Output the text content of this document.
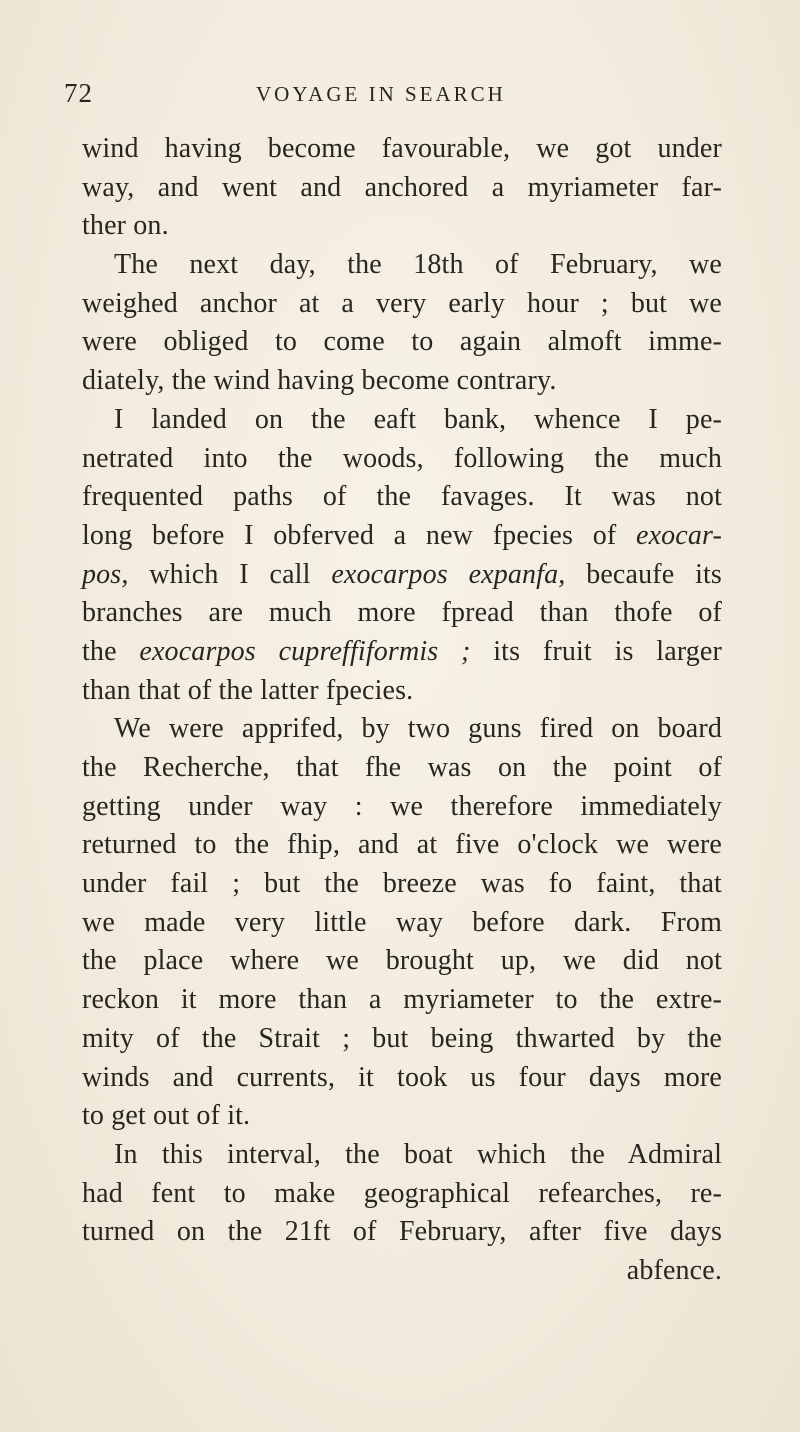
72	VOYAGE IN SEARCH
wind having become favourable, we got under
way, and went and anchored a myriameter far-
ther on.
The next day, the 18th of February, we
weighed anchor at a very early hour ; but we
were obliged to come to again almoft imme-
diately, the wind having become contrary.
I landed on the eaft bank, whence I pe-
netrated into the woods, following the much
frequented paths of the favages. It was not
long before I obferved a new fpecies of exocar-
pos, which I call exocarpos expanfa, becaufe its
branches are much more fpread than thofe of
the exocarpos cupreffiformis ; its fruit is larger
than that of the latter fpecies.
We were apprifed, by two guns fired on board
the Recherche, that fhe was on the point of
getting under way : we therefore immediately
returned to the fhip, and at five o'clock we were
under fail ; but the breeze was fo faint, that
we made very little way before dark. From
the place where we brought up, we did not
reckon it more than a myriameter to the extre-
mity of the Strait ; but being thwarted by the
winds and currents, it took us four days more
to get out of it.
In this interval, the boat which the Admiral
had fent to make geographical refearches, re-
turned on the 21ft of February, after five days
abfence.
